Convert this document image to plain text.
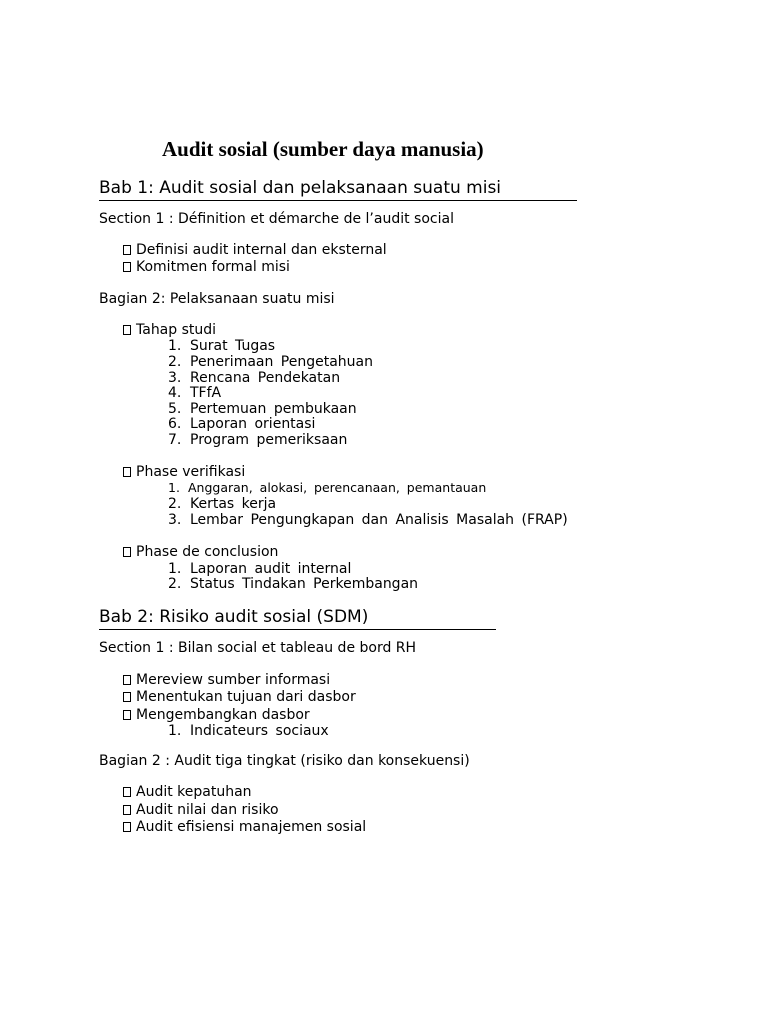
Audit sosial (sumber daya manusia)
Bab 1: Audit sosial dan pelaksanaan suatu misi
Section 1 : Définition et démarche de l’audit social
Definisi audit internal dan eksternal
Komitmen formal misi
Bagian 2: Pelaksanaan suatu misi
Tahap studi
1. Surat Tugas
2. Penerimaan Pengetahuan
3. Rencana Pendekatan
4. TFfA
5. Pertemuan pembukaan
6. Laporan orientasi
7. Program pemeriksaan
Phase verifikasi
1. Anggaran, alokasi, perencanaan, pemantauan
2. Kertas kerja
3. Lembar Pengungkapan dan Analisis Masalah (FRAP)
Phase de conclusion
1. Laporan audit internal
2. Status Tindakan Perkembangan
Bab 2: Risiko audit sosial (SDM)
Section 1 : Bilan social et tableau de bord RH
Mereview sumber informasi
Menentukan tujuan dari dasbor
Mengembangkan dasbor
1. Indicateurs sociaux
Bagian 2 : Audit tiga tingkat (risiko dan konsekuensi)
Audit kepatuhan
Audit nilai dan risiko
Audit efisiensi manajemen sosial
